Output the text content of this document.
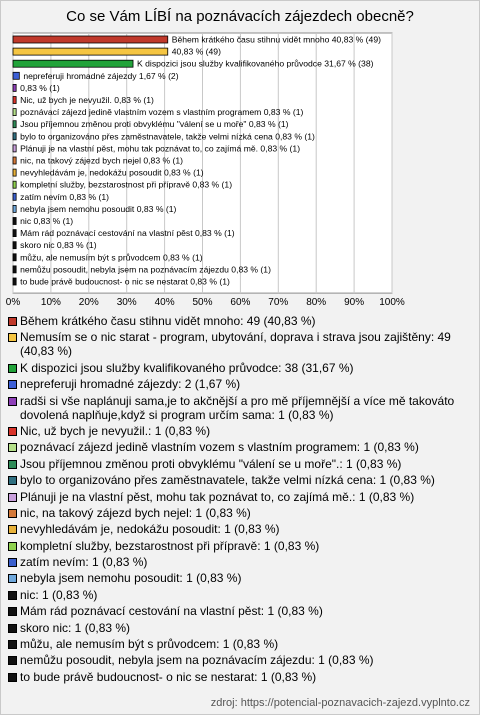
Co se Vám LÍBÍ na poznávacích zájezdech obecně?
0% 10% 20% 30% 40% 50% 60% 70% 80% 90% 100%
Během krátkého času stihnu vidět mnoho 40,83 % (49)
40,83 % (49)
K dispozici jsou služby kvalifikovaného průvodce 31,67 % (38)
nepreferuji hromadné zájezdy 1,67 % (2)
0,83 % (1)
Nic, už bych je nevyužil. 0,83 % (1)
poznávací zájezd jedině vlastním vozem s vlastním programem 0,83 % (1)
Jsou příjemnou změnou proti obvyklému "válení se u moře" 0,83 % (1)
bylo to organizováno přes zaměstnavatele, takže velmi nízká cena 0,83 % (1)
Plánuji je na vlastní pěst, mohu tak poznávat to, co zajímá mě. 0,83 % (1)
nic, na takový zájezd bych nejel 0,83 % (1)
nevyhledávám je, nedokážu posoudit 0,83 % (1)
kompletní služby, bezstarostnost při přípravě 0,83 % (1)
zatím nevím 0,83 % (1)
nebyla jsem nemohu posoudit 0,83 % (1)
nic 0,83 % (1)
Mám rád poznávací cestování na vlastní pěst 0,83 % (1)
skoro nic 0,83 % (1)
můžu, ale nemusím být s průvodcem 0,83 % (1)
nemůžu posoudit, nebyla jsem na poznávacím zájezdu 0,83 % (1)
to bude právě budoucnost- o nic se nestarat 0,83 % (1)
Během krátkého času stihnu vidět mnoho: 49 (40,83 %)
Nemusím se o nic starat - program, ubytování, doprava i strava jsou zajištěny: 49 (40,83 %)
K dispozici jsou služby kvalifikovaného průvodce: 38 (31,67 %)
nepreferuji hromadné zájezdy: 2 (1,67 %)
radši si vše naplánuji sama,je to akčnější a pro mě příjemnější a více mě takováto dovolená naplňuje,když si program určím sama: 1 (0,83 %)
Nic, už bych je nevyužil.: 1 (0,83 %)
poznávací zájezd jedině vlastním vozem s vlastním programem: 1 (0,83 %)
Jsou příjemnou změnou proti obvyklému "válení se u moře".: 1 (0,83 %)
bylo to organizováno přes zaměstnavatele, takže velmi nízká cena: 1 (0,83 %)
Plánuji je na vlastní pěst, mohu tak poznávat to, co zajímá mě.: 1 (0,83 %)
nic, na takový zájezd bych nejel: 1 (0,83 %)
nevyhledávám je, nedokážu posoudit: 1 (0,83 %)
kompletní služby, bezstarostnost při přípravě: 1 (0,83 %)
zatím nevím: 1 (0,83 %)
nebyla jsem nemohu posoudit: 1 (0,83 %)
nic: 1 (0,83 %)
Mám rád poznávací cestování na vlastní pěst: 1 (0,83 %)
skoro nic: 1 (0,83 %)
můžu, ale nemusím být s průvodcem: 1 (0,83 %)
nemůžu posoudit, nebyla jsem na poznávacím zájezdu: 1 (0,83 %)
to bude právě budoucnost- o nic se nestarat: 1 (0,83 %)
zdroj: https://potencial-poznavacich-zajezd.vyplnto.cz
